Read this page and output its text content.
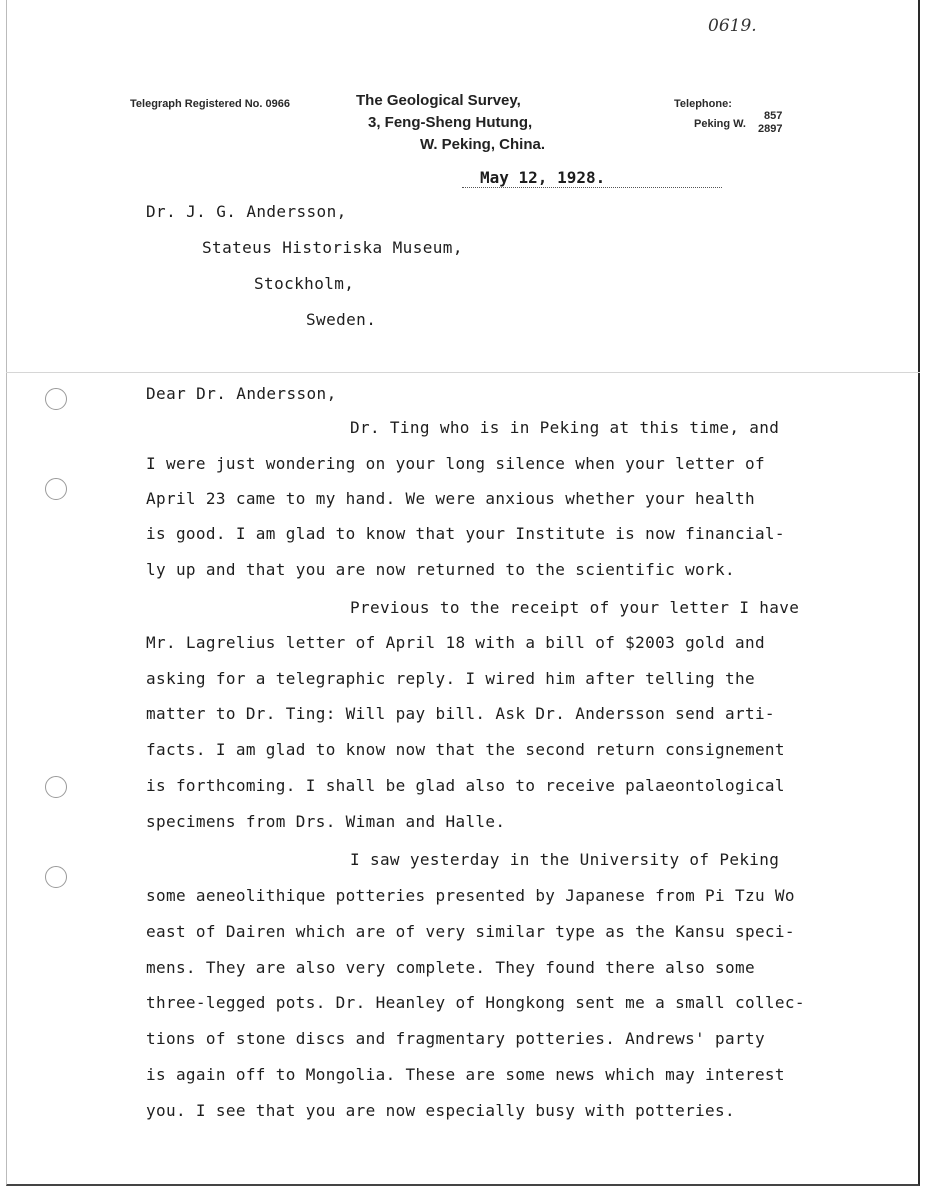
0619.
Telegraph Registered No. 0966	The Geological Survey,
3, Feng-Sheng Hutung,
W. Peking, China.
Telephone:
Peking W.
857
2897
May 12, 1928.
Dr. J. G. Andersson,
Stateus Historiska Museum,
Stockholm,
Sweden.
Dear Dr. Andersson,
Dr. Ting who is in Peking at this time, and
I were just wondering on your long silence when your letter of
April 23 came to my hand. We were anxious whether your health
is good. I am glad to know that your Institute is now financial-
ly up and that you are now returned to the scientific work.
Previous to the receipt of your letter I have
Mr. Lagrelius letter of April 18 with a bill of $2003 gold and
asking for a telegraphic reply. I wired him after telling the
matter to Dr. Ting: Will pay bill. Ask Dr. Andersson send arti-
facts. I am glad to know now that the second return consignement
is forthcoming. I shall be glad also to receive palaeontological
specimens from Drs. Wiman and Halle.
I saw yesterday in the University of Peking
some aeneolithique potteries presented by Japanese from Pi Tzu Wo
east of Dairen which are of very similar type as the Kansu speci-
mens. They are also very complete. They found there also some
three-legged pots. Dr. Heanley of Hongkong sent me a small collec-
tions of stone discs and fragmentary potteries. Andrews' party
is again off to Mongolia. These are some news which may interest
you. I see that you are now especially busy with potteries.
